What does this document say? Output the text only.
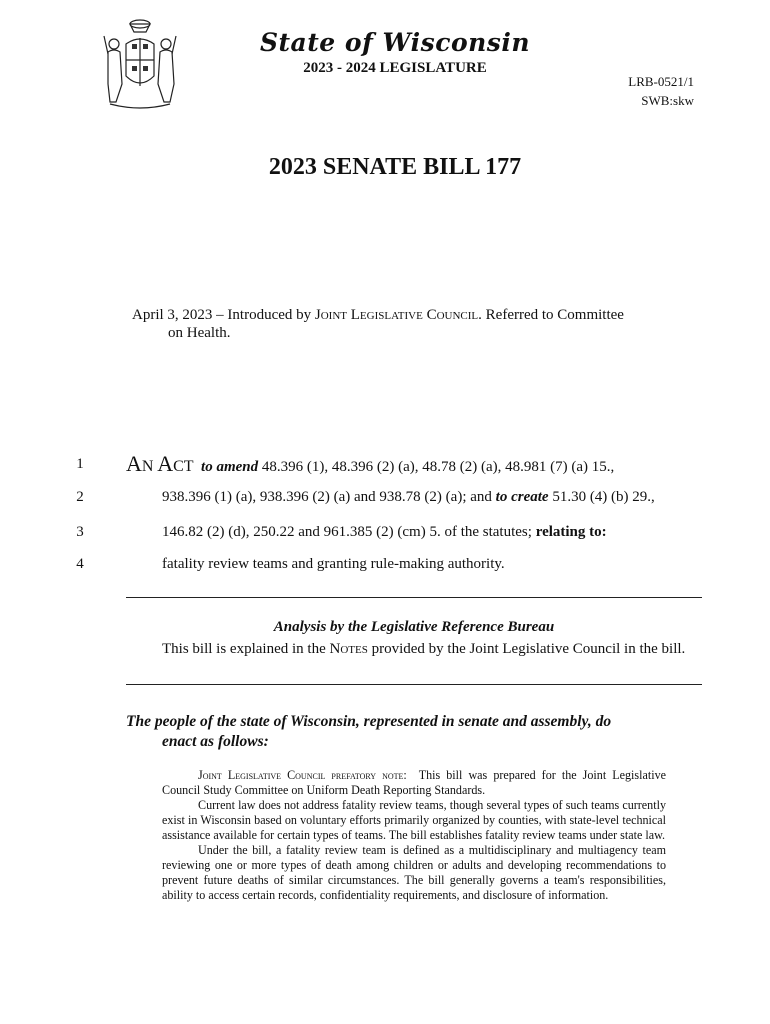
State of Wisconsin
2023 - 2024 LEGISLATURE
LRB-0521/1
SWB:skw
2023 SENATE BILL 177
April 3, 2023 – Introduced by Joint Legislative Council. Referred to Committee
on Health.
1 AN ACT to amend 48.396 (1), 48.396 (2) (a), 48.78 (2) (a), 48.981 (7) (a) 15.,
2	938.396 (1) (a), 938.396 (2) (a) and 938.78 (2) (a); and to create 51.30 (4) (b) 29.,
3	146.82 (2) (d), 250.22 and 961.385 (2) (cm) 5. of the statutes; relating to:
4	fatality review teams and granting rule-making authority.
Analysis by the Legislative Reference Bureau
This bill is explained in the Notes provided by the Joint Legislative Council in the bill.
The people of the state of Wisconsin, represented in senate and assembly, do
enact as follows:

Joint Legislative Council prefatory note: This bill was prepared for the Joint Legislative Council Study Committee on Uniform Death Reporting Standards.

Current law does not address fatality review teams, though several types of such teams currently exist in Wisconsin based on voluntary efforts primarily organized by counties, with state-level technical assistance available for certain types of teams. The bill establishes fatality review teams under state law.

Under the bill, a fatality review team is defined as a multidisciplinary and multiagency team reviewing one or more types of death among children or adults and developing recommendations to prevent future deaths of similar circumstances. The bill generally governs a team's responsibilities, ability to access certain records, confidentiality requirements, and disclosure of information.
